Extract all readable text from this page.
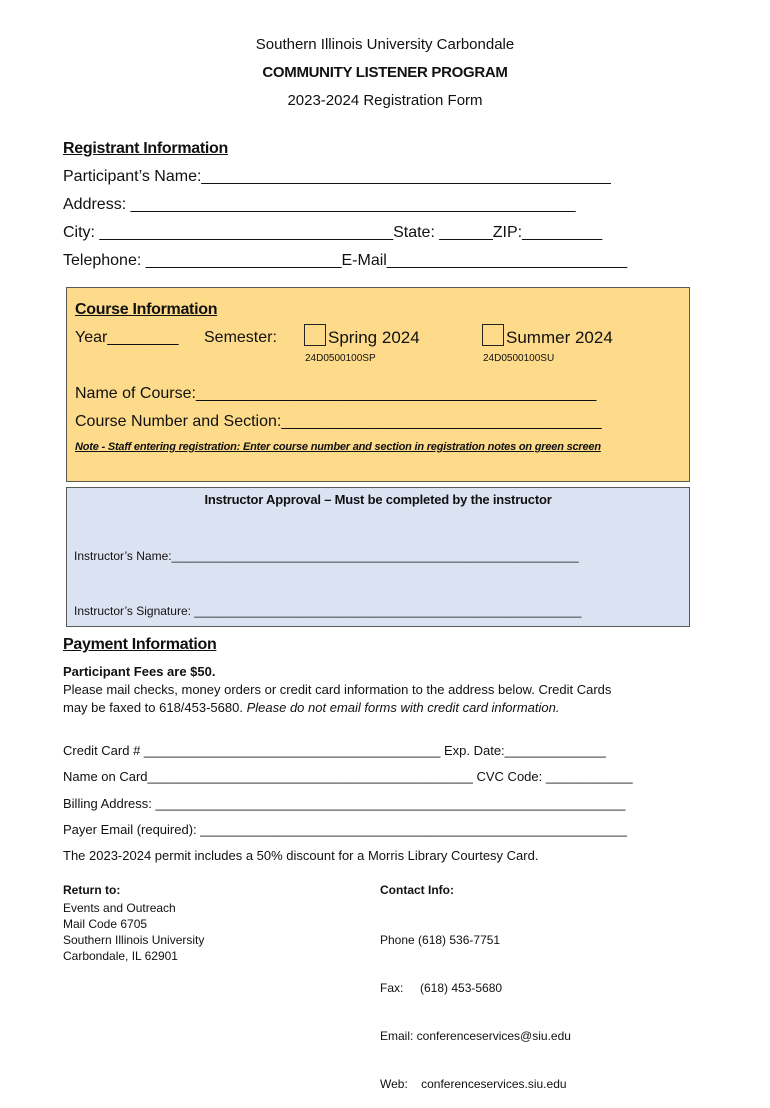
Southern Illinois University Carbondale
COMMUNITY LISTENER PROGRAM
2023-2024 Registration Form
Registrant Information
Participant’s Name:______________________________________________
Address: __________________________________________________
City: _________________________________State: ______ZIP:_________
Telephone: ______________________E-Mail___________________________
Course Information
Year________ Semester:	Spring 2024
24D0500100SP
Summer 2024
24D0500100SU
Name of Course:_____________________________________________
Course Number and Section:____________________________________
Note - Staff entering registration: Enter course number and section in registration notes on green screen
Instructor Approval – Must be completed by the instructor
Instructor’s Name:_____________________________________________________________
Instructor’s Signature: __________________________________________________________
Payment Information
Participant Fees are $50.
Please mail checks, money orders or credit card information to the address below. Credit Cards
may be faxed to 618/453-5680. Please do not email forms with credit card information.
Credit Card # _________________________________________ Exp. Date:______________
Name on Card_____________________________________________ CVC Code: ____________
Billing Address: _________________________________________________________________
Payer Email (required): ___________________________________________________________
The 2023-2024 permit includes a 50% discount for a Morris Library Courtesy Card.
Return to:
Events and Outreach
Mail Code 6705
Southern Illinois University
Carbondale, IL 62901
Contact Info:

Phone (618) 536-7751

Fax:     (618) 453-5680

Email: conferenceservices@siu.edu

Web:    conferenceservices.siu.edu
